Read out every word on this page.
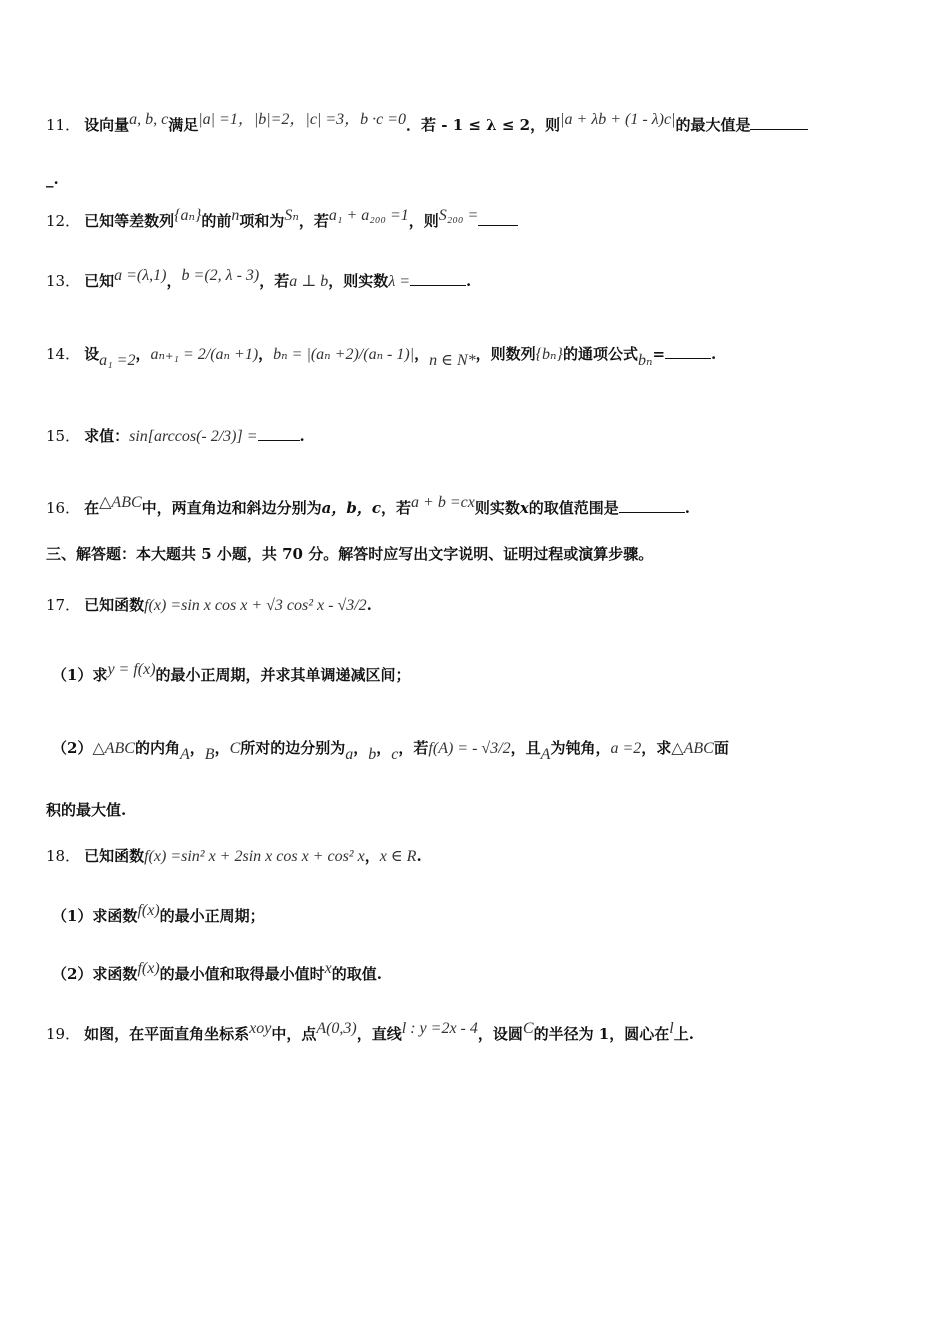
11． 设向量a, b, c满足|a| =1，|b|=2，|c| =3，b ·c =0．若 - 1 ≤ λ ≤ 2，则|a + λb + (1 - λ)c|的最大值是
_.
12． 已知等差数列{aₙ}的前n项和为Sₙ，若a₁ + a₂₀₀ =1，则S₂₀₀ =
13． 已知a =(λ,1)，b =(2, λ - 3)，若a ⊥ b，则实数λ =	.
14． 设a₁ =2，aₙ₊₁ = 2/(aₙ +1)，bₙ = |(aₙ +2)/(aₙ - 1)|，n ∈ N*，则数列{bₙ}的通项公式bₙ=	.
15． 求值：sin[arccos(- 2/3)] =	.
16． 在△ABC中，两直角边和斜边分别为a，b，c，若a + b =cx则实数x的取值范围是	.
三、解答题：本大题共 5 小题，共 70 分。解答时应写出文字说明、证明过程或演算步骤。
17． 已知函数f(x) =sin x cos x + √3 cos² x - √3/2.
（1）求y = f(x)的最小正周期，并求其单调递减区间；
（2）△ABC的内角A，B，C所对的边分别为a，b，c，若f(A) = - √3/2，且A为钝角，a =2，求△ABC面
积的最大值.
18． 已知函数f(x) =sin² x + 2sin x cos x + cos² x，x ∈ R.
（1）求函数f(x)的最小正周期；
（2）求函数f(x)的最小值和取得最小值时x的取值.
19． 如图，在平面直角坐标系xoy中，点A(0,3)，直线l : y =2x - 4，设圆C的半径为 1，圆心在l上.
